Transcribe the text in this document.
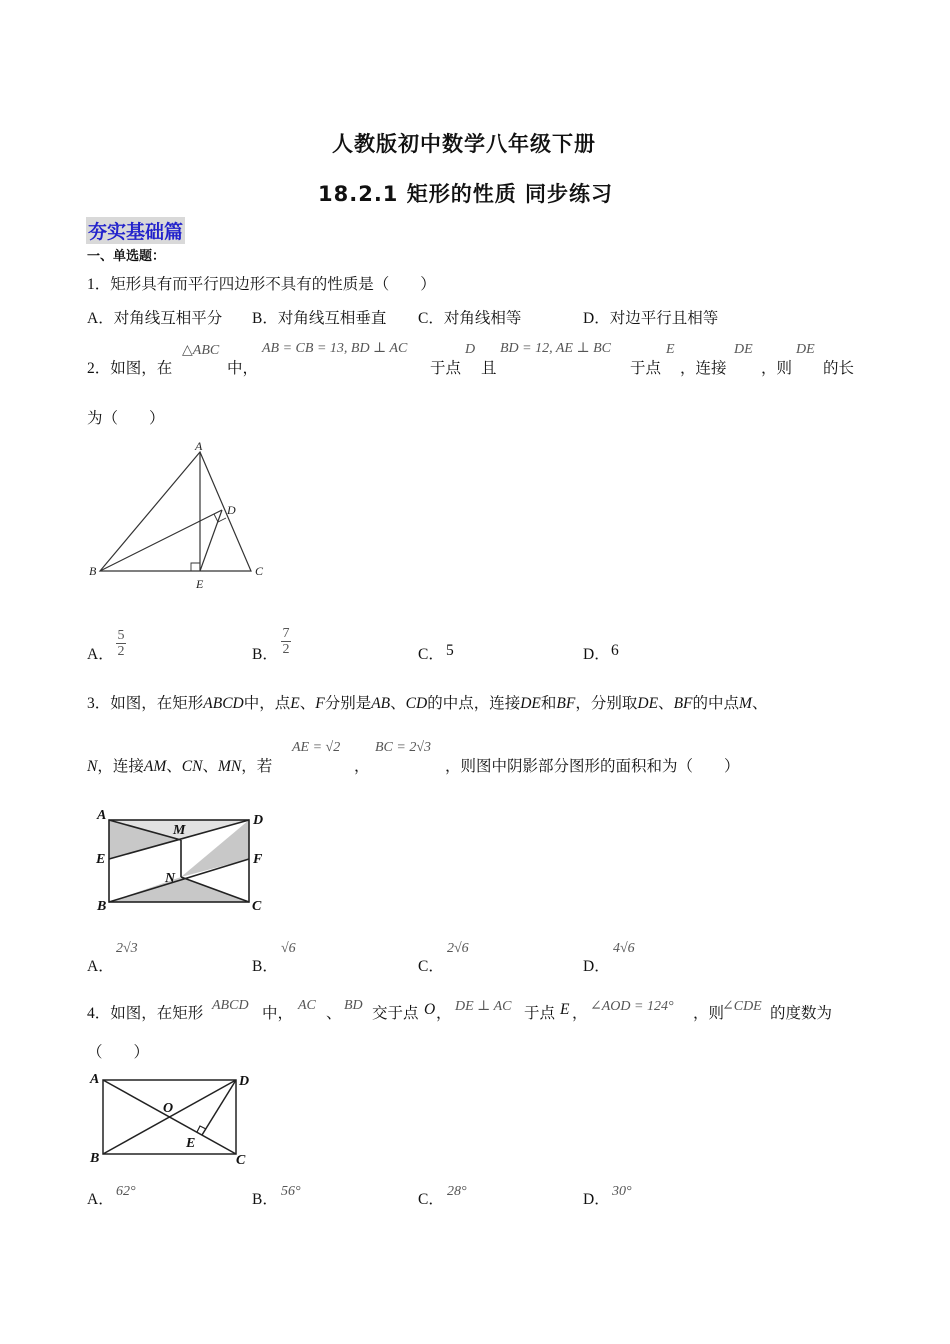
人教版初中数学八年级下册
18.2.1 矩形的性质 同步练习
夯实基础篇
一、单选题：
1．矩形具有而平行四边形不具有的性质是（　　）
A．对角线互相平分 B．对角线互相垂直 C．对角线相等	D．对边平行且相等
2．如图，在
△ABC
中，
AB = CB = 13, BD ⊥ AC
于点
D
且
BD = 12, AE ⊥ BC
于点
E
，连接
DE
，则
DE
的长
为（　　）
A
B	C
D
E
A． $\frac{5}{2}$	B． $\frac{7}{2}$	C． 5	D． 6
3．如图，在矩形ABCD中，点E、F分别是AB、CD的中点，连接DE和BF，分别取DE、BF的中点M、
N，连接AM、CN、MN，若
AE = √2
，
BC = 2√3
，则图中阴影部分图形的面积和为（　　）
A	D
E	F
M
N
B	C
A．
2√3
B．
√6
C．
2√6
D．
4√6
4．如图，在矩形 ABCD 中， AC 、 BD 交于点 O ， DE ⊥ AC 于点 E ， ∠AOD = 124° ，则
∠CDE 的度数为
（　　）
A	D
O
E
B	C
A． 62°	B． 56°	C． 28°	D． 30°
